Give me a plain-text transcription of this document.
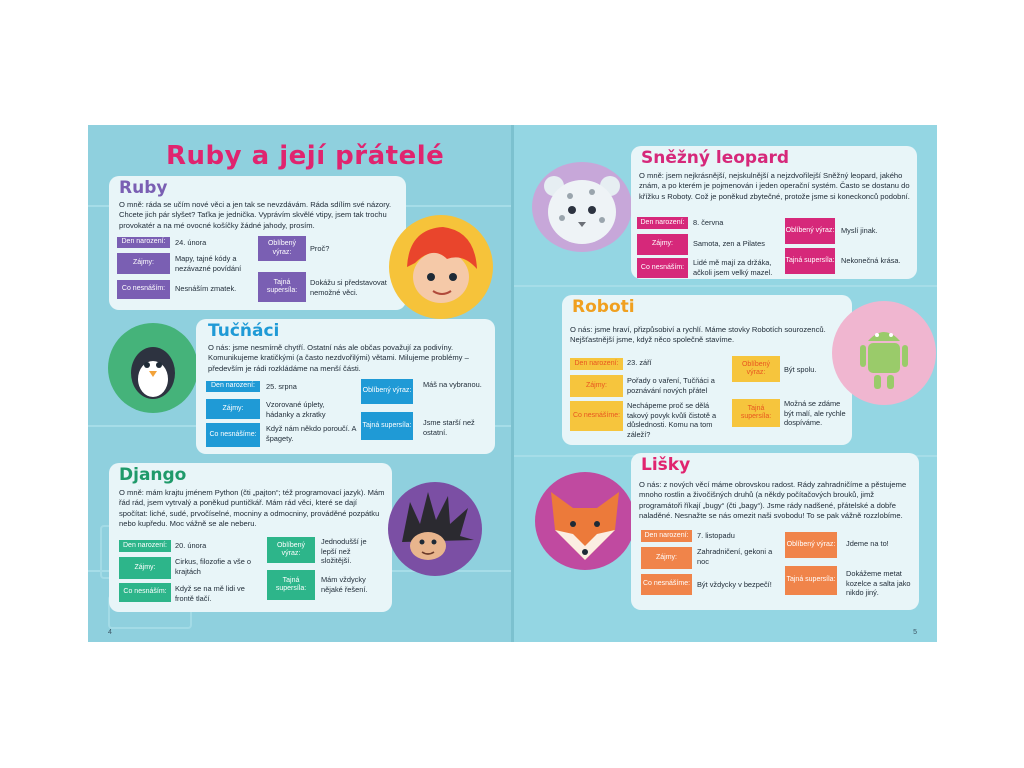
4	5
Ruby a její přátelé
Ruby
O mně: ráda se učím nové věci a jen tak se nevzdávám. Ráda sdílím své názory. Chcete jich pár slyšet? Taťka je jednička. Vyprávím skvělé vtipy, jsem tak trochu provokatér a na mé ovocné košíčky žádné jahody, prosím.
Den narození:	24. února
Zájmy:	Mapy, tajné kódy a nezávazné povídání
Co nesnáším:	Nesnáším zmatek.
Oblíbený výraz:	Proč?
Tajná supersíla:
Dokážu si představovat nemožné věci.
Tučňáci
O nás: jsme nesmírně chytří. Ostatní nás ale občas považují za podivíny. Komunikujeme kratičkými (a často nezdvořilými) větami. Milujeme problémy – především je rádi rozkládáme na menší části.
Den narození:	25. srpna
Zájmy:	Vzorované úplety, hádanky a zkratky
Co nesnášíme:
Když nám někdo poroučí. A špagety.
Oblíbený výraz:
Máš na vybranou.
Tajná supersíla: Jsme starší než ostatní.
Django
O mně: mám krajtu jménem Python (čti „pajton“; též programovací jazyk). Mám řád rád, jsem vytrvalý a poněkud puntičkář. Mám rád věci, které se dají spočítat: liché, sudé, prvočíselné, mocniny a odmocniny, prováděné pozpátku nebo kupředu. Moc vážně se ale neberu.
Den narození:	20. února
Zájmy:
Cirkus, filozofie a vše o krajtách
Co nesnáším:	Když se na mě lidi ve frontě tlačí.
Oblíbený výraz:
Jednodušší je lepší než složitější.
Tajná supersíla:
Mám vždycky nějaké řešení.
Sněžný leopard
O mně: jsem nejkrásnější, nejskulnější a nejzdvořilejší Sněžný leopard, jakého znám, a po kterém je pojmenován i jeden operační systém. Často se dostanu do křížku s Roboty. Což je poněkud zbytečné, protože jsme si koneckonců podobní.
Den narození:	8. června
Zájmy:	Samota, zen a Pilates
Co nesnáším:
Lidé mě mají za držáka, ačkoli jsem velký mazel.
Oblíbený výraz: Myslí jinak.
Tajná supersíla: Nekonečná krása.
Roboti
O nás: jsme hraví, přizpůsobiví a rychlí. Máme stovky Robotích sourozenců. Nejšťastnější jsme, když něco společně stavíme.
Den narození:	23. září
Zájmy:
Pořady o vaření, Tučňáci a poznávání nových přátel
Co nesnášíme:
Nechápeme proč se dělá takový povyk kvůli čistotě a důslednosti. Komu na tom záleží?
Oblíbený výraz:	Být spolu.
Tajná supersíla:
Možná se zdáme být malí, ale rychle dospíváme.
Lišky
O nás: z nových věcí máme obrovskou radost. Rády zahradničíme a pěstujeme mnoho rostlin a živočišných druhů (a někdy počítačových brouků, jimž programátoři říkají „bugy“ (čti „bagy“). Jsme rády nadšené, přátelské a dobře naladěné. Nesnažte se nás omezit naši svobodu! To se pak vážně rozzlobíme.
Den narození:	7. listopadu
Zájmy:
Zahradničení, gekoni a noc
Co nesnášíme: Být vždycky v bezpečí!
Oblíbený výraz: Jdeme na to!
Tajná supersíla:
Dokážeme metat kozelce a salta jako nikdo jiný.
